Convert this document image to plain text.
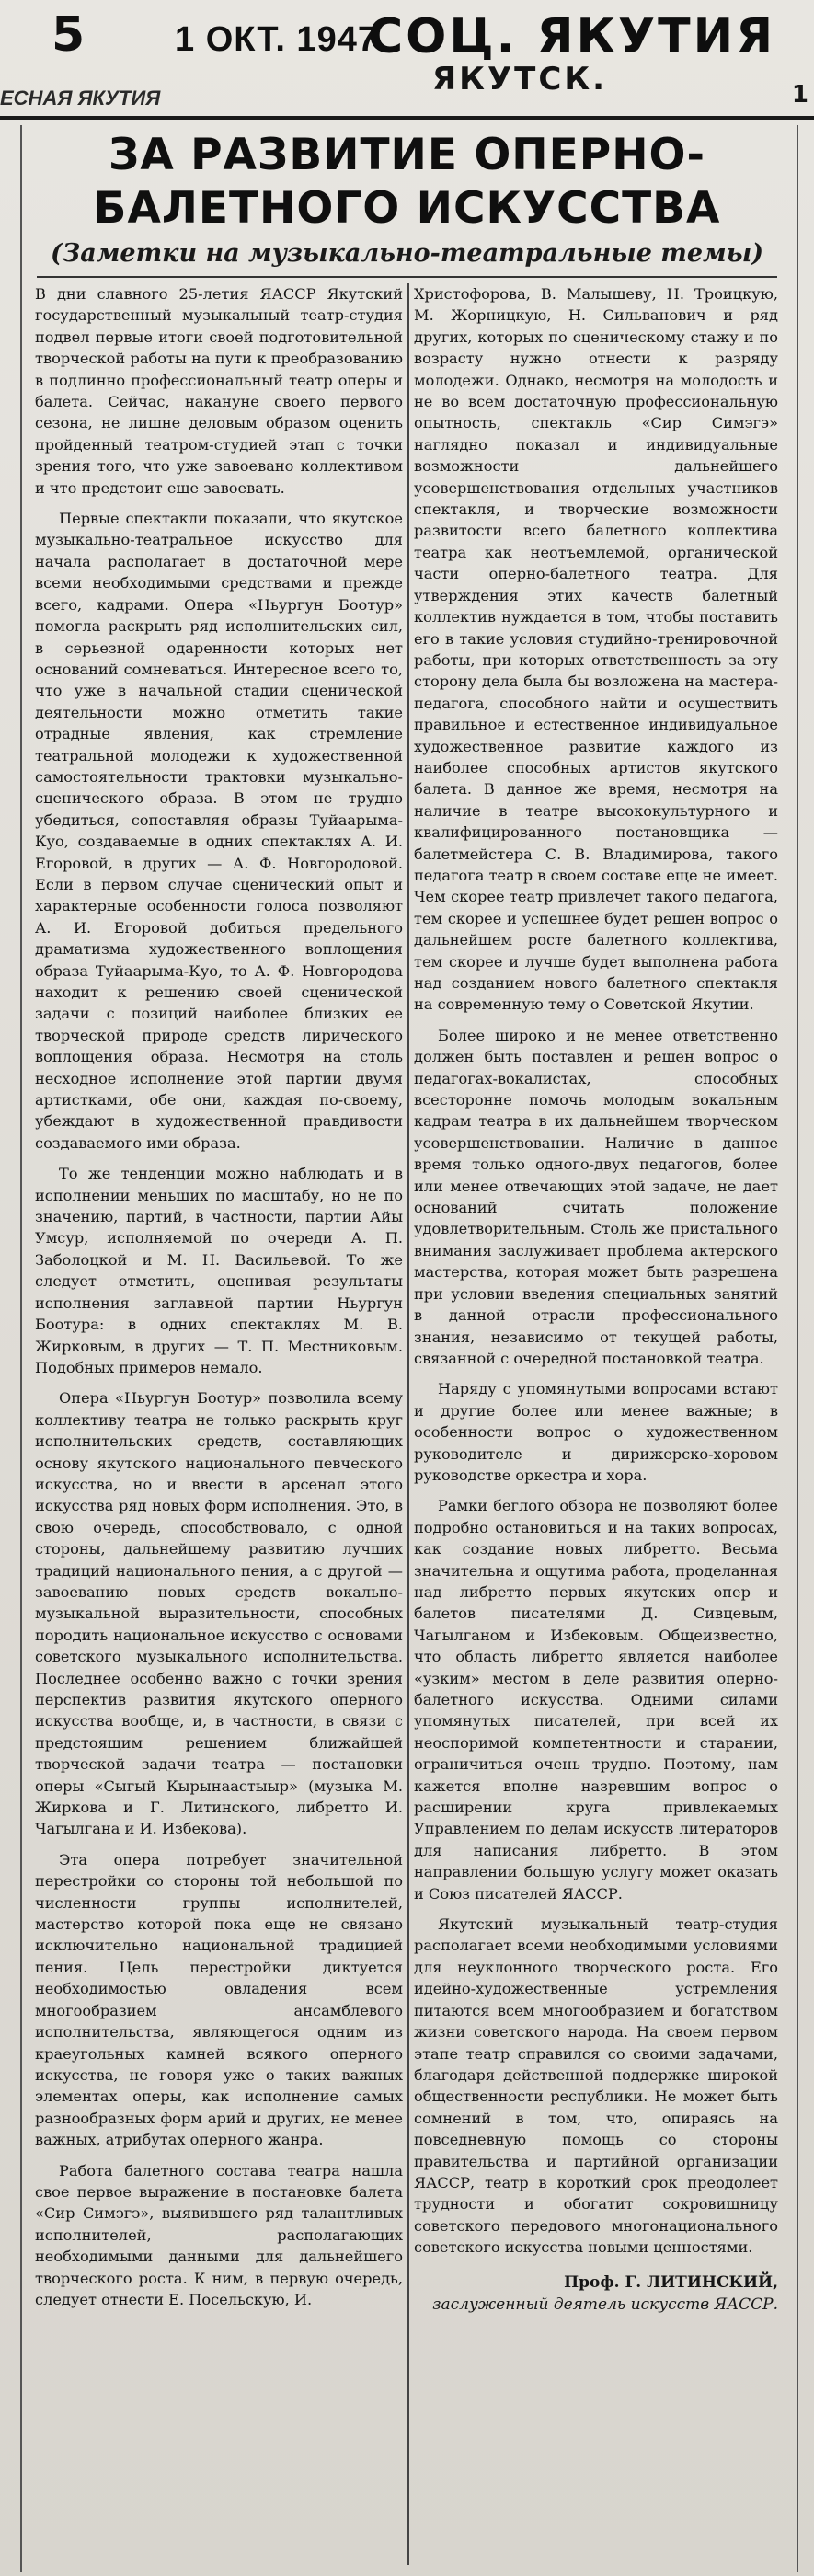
5	1 ОКТ. 1947
СОЦ. ЯКУТИЯ
ЯКУТСК.
ЕСНАЯ ЯКУТИЯ	1
ЗА РАЗВИТИЕ ОПЕРНО-
БАЛЕТНОГО ИСКУССТВА
(Заметки на музыкально-театральные темы)

В дни славного 25-летия ЯАССР Якутский государственный музыкальный театр-студия подвел первые итоги своей подготовительной творческой работы на пути к преобразованию в подлинно профессиональный театр оперы и балета. Сейчас, накануне своего первого сезона, не лишне деловым образом оценить пройденный театром-студией этап с точки зрения того, что уже завоевано коллективом и что предстоит еще завоевать.

Первые спектакли показали, что якутское музыкально-театральное искусство для начала располагает в достаточной мере всеми необходимыми средствами и прежде всего, кадрами. Опера «Ньургун Боотур» помогла раскрыть ряд исполнительских сил, в серьезной одаренности которых нет оснований сомневаться. Интересное всего то, что уже в начальной стадии сценической деятельности можно отметить такие отрадные явления, как стремление театральной молодежи к художественной самостоятельности трактовки музыкально-сценического образа. В этом не трудно убедиться, сопоставляя образы Туйаарыма-Куо, создаваемые в одних спектаклях А. И. Егоровой, в других — А. Ф. Новгородовой. Если в первом случае сценический опыт и характерные особенности голоса позволяют А. И. Егоровой добиться предельного драматизма художественного воплощения образа Туйаарыма-Куо, то А. Ф. Новгородова находит к решению своей сценической задачи с позиций наиболее близких ее творческой природе средств лирического воплощения образа. Несмотря на столь несходное исполнение этой партии двумя артистками, обе они, каждая по-своему, убеждают в художественной правдивости создаваемого ими образа.

То же тенденции можно наблюдать и в исполнении меньших по масштабу, но не по значению, партий, в частности, партии Айы Умсур, исполняемой по очереди А. П. Заболоцкой и М. Н. Васильевой. То же следует отметить, оценивая результаты исполнения заглавной партии Ньургун Боотура: в одних спектаклях М. В. Жирковым, в других — Т. П. Местниковым. Подобных примеров немало.

Опера «Ньургун Боотур» позволила всему коллективу театра не только раскрыть круг исполнительских средств, составляющих основу якутского национального певческого искусства, но и ввести в арсенал этого искусства ряд новых форм исполнения. Это, в свою очередь, способствовало, с одной стороны, дальнейшему развитию лучших традиций национального пения, а с другой — завоеванию новых средств вокально-музыкальной выразительности, способных породить национальное искусство с основами советского музыкального исполнительства. Последнее особенно важно с точки зрения перспектив развития якутского оперного искусства вообще, и, в частности, в связи с предстоящим решением ближайшей творческой задачи театра — постановки оперы «Сыгый Кырынаастыыр» (музыка М. Жиркова и Г. Литинского, либретто И. Чагылгана и И. Избекова).

Эта опера потребует значительной перестройки со стороны той небольшой по численности группы исполнителей, мастерство которой пока еще не связано исключительно национальной традицией пения. Цель перестройки диктуется необходимостью овладения всем многообразием ансамблевого исполнительства, являющегося одним из краеугольных камней всякого оперного искусства, не говоря уже о таких важных элементах оперы, как исполнение самых разнообразных форм арий и других, не менее важных, атрибутах оперного жанра.

Работа балетного состава театра нашла свое первое выражение в постановке балета «Сир Симэгэ», выявившего ряд талантливых исполнителей, располагающих необходимыми данными для дальнейшего творческого роста. К ним, в первую очередь, следует отнести Е. Посельскую, И.

Христофорова, В. Малышеву, Н. Троицкую, М. Жорницкую, Н. Сильванович и ряд других, которых по сценическому стажу и по возрасту нужно отнести к разряду молодежи. Однако, несмотря на молодость и не во всем достаточную профессиональную опытность, спектакль «Сир Симэгэ» наглядно показал и индивидуальные возможности дальнейшего усовершенствования отдельных участников спектакля, и творческие возможности развитости всего балетного коллектива театра как неотъемлемой, органической части оперно-балетного театра. Для утверждения этих качеств балетный коллектив нуждается в том, чтобы поставить его в такие условия студийно-тренировочной работы, при которых ответственность за эту сторону дела была бы возложена на мастера-педагога, способного найти и осуществить правильное и естественное индивидуальное художественное развитие каждого из наиболее способных артистов якутского балета. В данное же время, несмотря на наличие в театре высококультурного и квалифицированного постановщика — балетмейстера С. В. Владимирова, такого педагога театр в своем составе еще не имеет. Чем скорее театр привлечет такого педагога, тем скорее и успешнее будет решен вопрос о дальнейшем росте балетного коллектива, тем скорее и лучше будет выполнена работа над созданием нового балетного спектакля на современную тему о Советской Якутии.

Более широко и не менее ответственно должен быть поставлен и решен вопрос о педагогах-вокалистах, способных всесторонне помочь молодым вокальным кадрам театра в их дальнейшем творческом усовершенствовании. Наличие в данное время только одного-двух педагогов, более или менее отвечающих этой задаче, не дает оснований считать положение удовлетворительным. Столь же пристального внимания заслуживает проблема актерского мастерства, которая может быть разрешена при условии введения специальных занятий в данной отрасли профессионального знания, независимо от текущей работы, связанной с очередной постановкой театра.

Наряду с упомянутыми вопросами встают и другие более или менее важные; в особенности вопрос о художественном руководителе и дирижерско-хоровом руководстве оркестра и хора.

Рамки беглого обзора не позволяют более подробно остановиться и на таких вопросах, как создание новых либретто. Весьма значительна и ощутима работа, проделанная над либретто первых якутских опер и балетов писателями Д. Сивцевым, Чагылганом и Избековым. Общеизвестно, что область либретто является наиболее «узким» местом в деле развития оперно-балетного искусства. Одними силами упомянутых писателей, при всей их неоспоримой компетентности и старании, ограничиться очень трудно. Поэтому, нам кажется вполне назревшим вопрос о расширении круга привлекаемых Управлением по делам искусств литераторов для написания либретто. В этом направлении большую услугу может оказать и Союз писателей ЯАССР.

Якутский музыкальный театр-студия располагает всеми необходимыми условиями для неуклонного творческого роста. Его идейно-художественные устремления питаются всем многообразием и богатством жизни советского народа. На своем первом этапе театр справился со своими задачами, благодаря действенной поддержке широкой общественности республики. Не может быть сомнений в том, что, опираясь на повседневную помощь со стороны правительства и партийной организации ЯАССР, театр в короткий срок преодолеет трудности и обогатит сокровищницу советского передового многонационального советского искусства новыми ценностями.

Проф. Г. ЛИТИНСКИЙ,
заслуженный деятель искусств ЯАССР.
